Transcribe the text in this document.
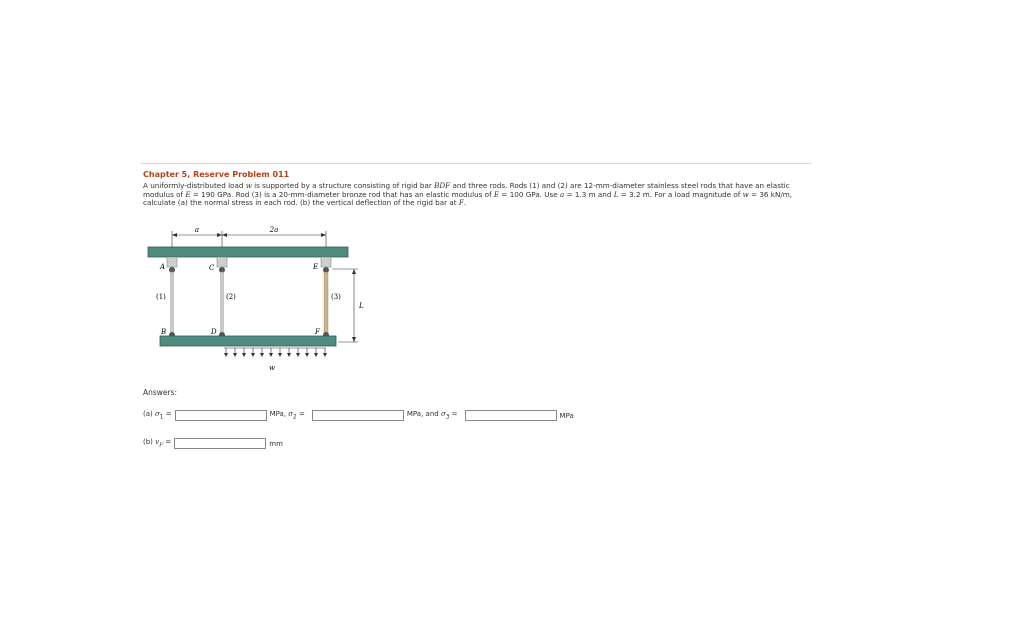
Chapter 5, Reserve Problem 011
A uniformly-distributed load w is supported by a structure consisting of rigid bar BDF and three rods. Rods (1) and (2) are 12-mm-diameter stainless steel rods that have an elastic modulus of E = 190 GPa. Rod (3) is a 20-mm-diameter bronze rod that has an elastic modulus of E = 100 GPa. Use a = 1.3 m and L = 3.2 m. For a load magnitude of w = 36 kN/m, calculate (a) the normal stress in each rod. (b) the vertical deflection of the rigid bar at F.
a	2a
A	C	E
B	D	F
(1)	(2)	(3)
L
w
Answers:
(a) $\sigma_1$ =	MPa, $\sigma_2$ =	MPa, and $\sigma_3$ =	MPa
(b) $v_F$ =	mm
